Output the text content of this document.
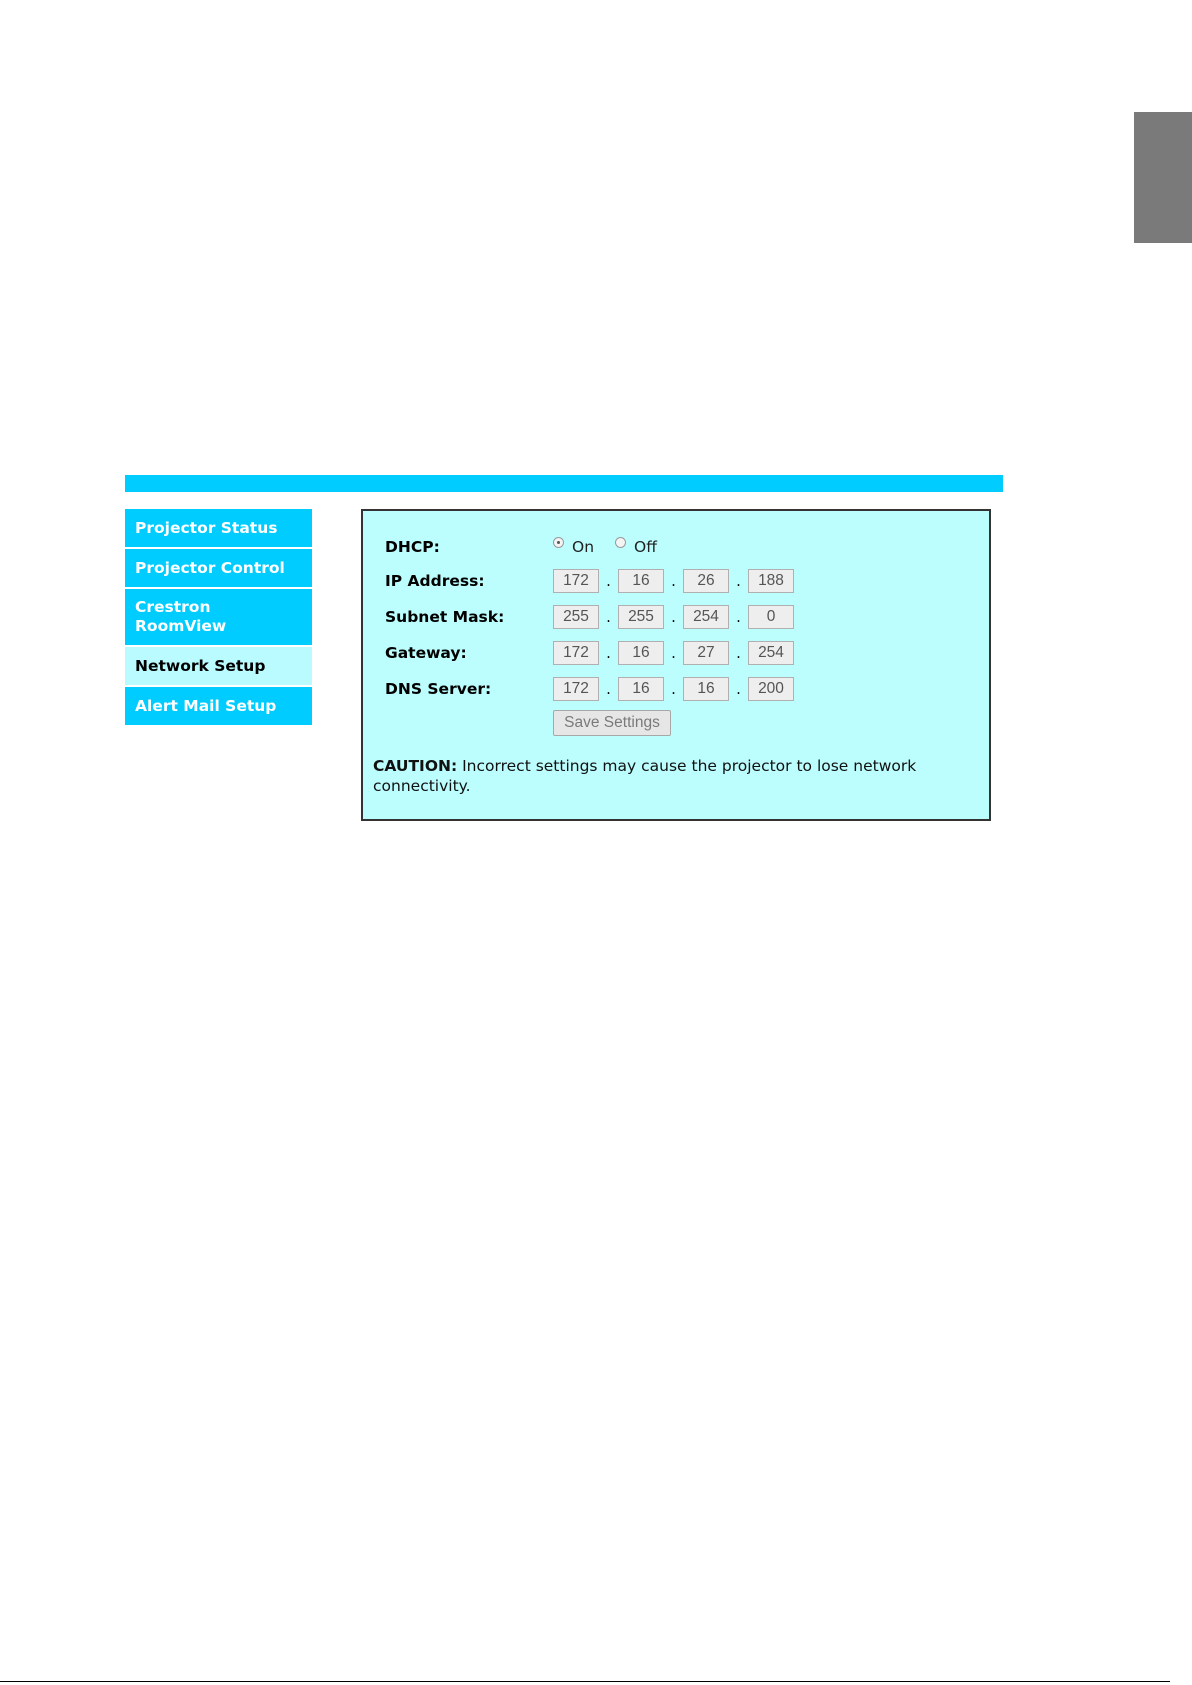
Projector Status
Projector Control
Crestron
RoomView
Network Setup
Alert Mail Setup
DHCP:	On	Off
IP Address:	172	.	16	.	26	.	188
Subnet Mask:	255	.	255	.	254	.	0
Gateway:	172	.	16	.	27	.	254
DNS Server:	172	.	16	.	16	.	200
Save Settings
CAUTION: Incorrect settings may cause the projector to lose network connectivity.
